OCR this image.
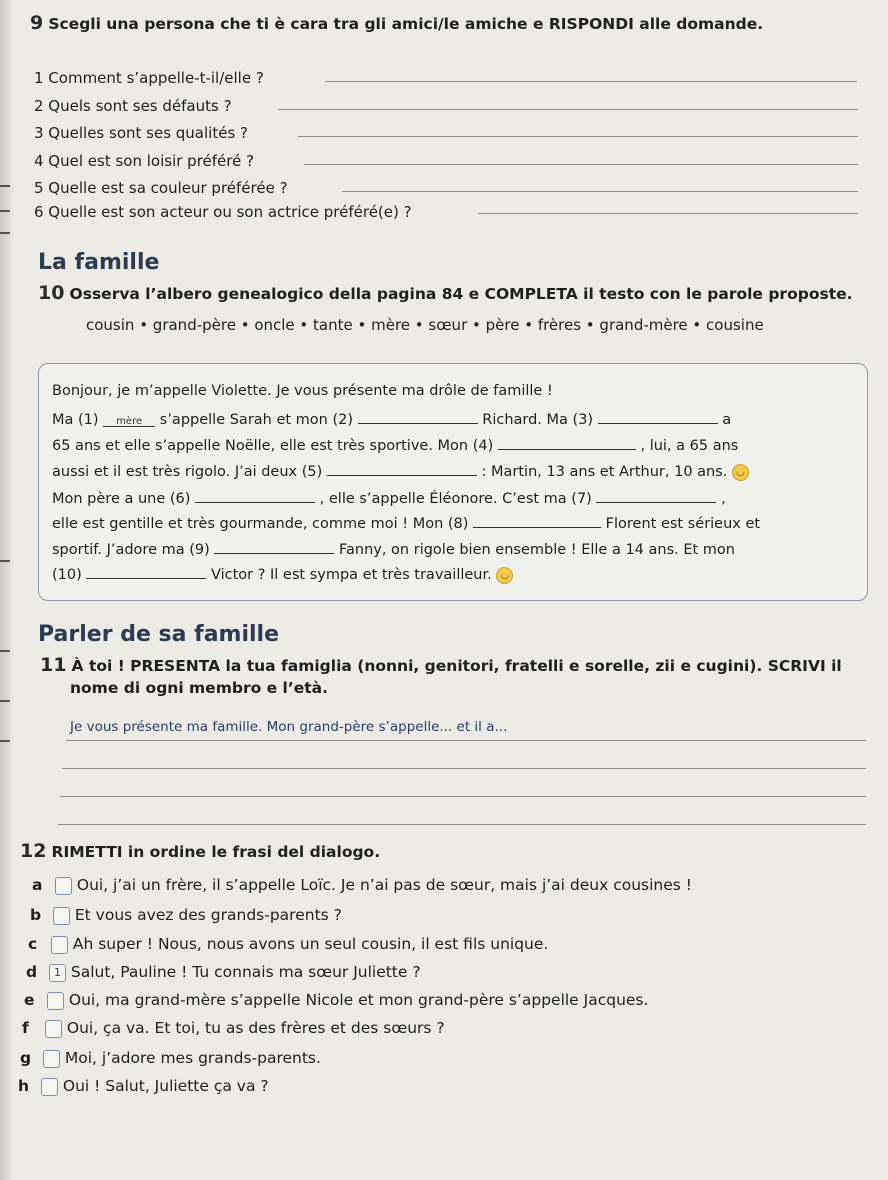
9 Scegli una persona che ti è cara tra gli amici/le amiche e RISPONDI alle domande.
1 Comment s’appelle-t-il/elle ?
2 Quels sont ses défauts ?
3 Quelles sont ses qualités ?
4 Quel est son loisir préféré ?
5 Quelle est sa couleur préférée ?
6 Quelle est son acteur ou son actrice préféré(e) ?
La famille
10 Osserva l’albero genealogico della pagina 84 e COMPLETA il testo con le parole proposte.
cousin • grand-père • oncle • tante • mère • sœur • père • frères • grand-mère • cousine
Bonjour, je m’appelle Violette. Je vous présente ma drôle de famille !
Ma (1) mère s’appelle Sarah et mon (2)	Richard. Ma (3)	a
65 ans et elle s’appelle Noëlle, elle est très sportive. Mon (4)	, lui, a 65 ans
aussi et il est très rigolo. J’ai deux (5)	: Martin, 13 ans et Arthur, 10 ans. ◡
Mon père a une (6)	, elle s’appelle Éléonore. C’est ma (7)	,
elle est gentille et très gourmande, comme moi ! Mon (8)	Florent est sérieux et
sportif. J’adore ma (9)	Fanny, on rigole bien ensemble ! Elle a 14 ans. Et mon
(10)	Victor ? Il est sympa et très travailleur. ◡
Parler de sa famille
11 À toi ! PRESENTA la tua famiglia (nonni, genitori, fratelli e sorelle, zii e cugini). SCRIVI il
nome di ogni membro e l’età.
Je vous présente ma famille. Mon grand-père s’appelle... et il a...
12 RIMETTI in ordine le frasi del dialogo.
a Oui, j’ai un frère, il s’appelle Loïc. Je n’ai pas de sœur, mais j’ai deux cousines !
b Et vous avez des grands-parents ?
c Ah super ! Nous, nous avons un seul cousin, il est fils unique.
d 1 Salut, Pauline ! Tu connais ma sœur Juliette ?
e Oui, ma grand-mère s’appelle Nicole et mon grand-père s’appelle Jacques.
f Oui, ça va. Et toi, tu as des frères et des sœurs ?
g Moi, j’adore mes grands-parents.
h Oui ! Salut, Juliette ça va ?
